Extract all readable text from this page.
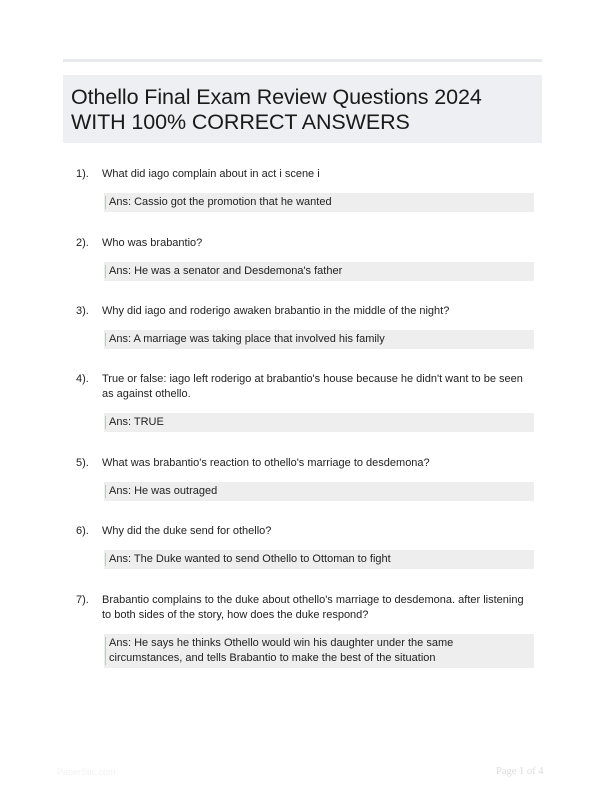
Othello Final Exam Review Questions 2024 WITH 100% CORRECT ANSWERS
1). What did iago complain about in act i scene i
Ans: Cassio got the promotion that he wanted
2). Who was brabantio?
Ans: He was a senator and Desdemona's father
3). Why did iago and roderigo awaken brabantio in the middle of the night?
Ans: A marriage was taking place that involved his family
4). True or false: iago left roderigo at brabantio's house because he didn't want to be seen as against othello.
Ans: TRUE
5). What was brabantio's reaction to othello's marriage to desdemona?
Ans: He was outraged
6). Why did the duke send for othello?
Ans: The Duke wanted to send Othello to Ottoman to fight
7). Brabantio complains to the duke about othello's marriage to desdemona. after listening to both sides of the story, how does the duke respond?
Ans: He says he thinks Othello would win his daughter under the same circumstances, and tells Brabantio to make the best of the situation
PaperStic.com	Page 1 of 4
